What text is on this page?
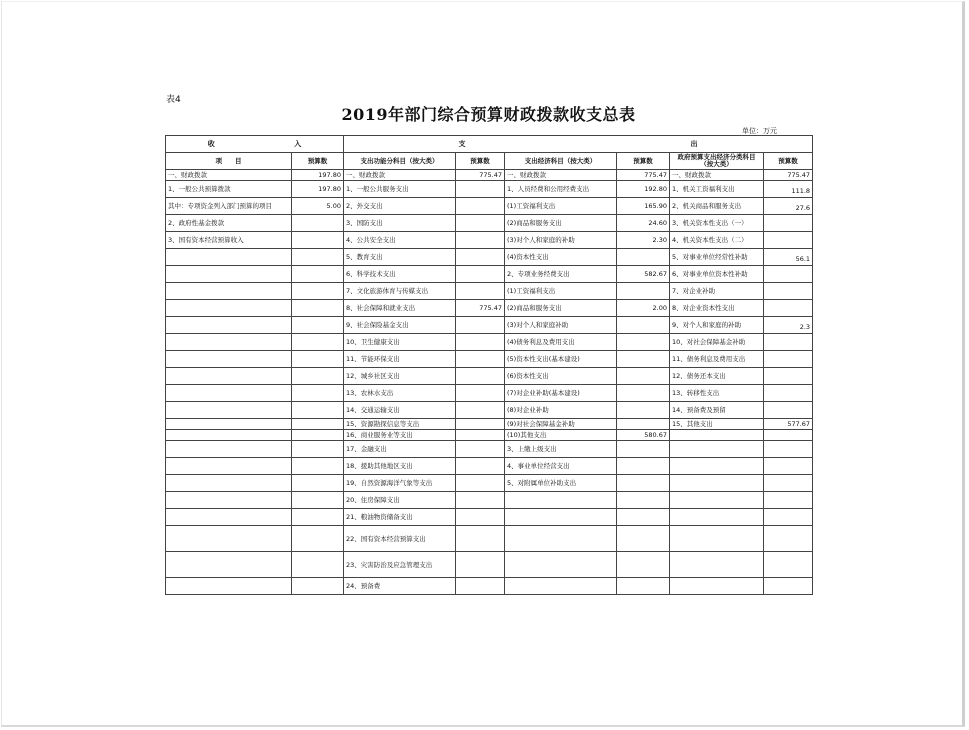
表4
2019年部门综合预算财政拨款收支总表
单位：万元
收 入		支 出					

项　　目	预算数	支出功能分科目（按大类）	预算数	支出经济科目（按大类）	预算数	政府预算支出经济分类科目（按大类）	预算数
一、财政拨款	197.80	一、财政拨款	775.47	一、财政拨款	775.47	一、财政拨款	775.47
1、一般公共预算拨款	197.80	1、一般公共服务支出		1、人员经费和公用经费支出	192.80	1、机关工资福利支出	111.8
其中：专项资金列入部门预算的项目	5.00	2、外交支出		(1)工资福利支出	165.90	2、机关商品和服务支出	27.6
2、政府性基金拨款		3、国防支出		(2)商品和服务支出	24.60	3、机关资本性支出（一）	
3、国有资本经营预算收入		4、公共安全支出		(3)对个人和家庭的补助	2.30	4、机关资本性支出（二）	
		5、教育支出		(4)资本性支出		5、对事业单位经常性补助	56.1
		6、科学技术支出		2、专项业务经费支出	582.67	6、对事业单位资本性补助	
		7、文化旅游体育与传媒支出		(1)工资福利支出		7、对企业补助	
		8、社会保障和就业支出	775.47	(2)商品和服务支出	2.00	8、对企业资本性支出	
		9、社会保险基金支出		(3)对个人和家庭补助		9、对个人和家庭的补助	2.3
		10、卫生健康支出		(4)债务利息及费用支出		10、对社会保障基金补助	
		11、节能环保支出		(5)资本性支出(基本建设)		11、债务利息及费用支出	
		12、城乡社区支出		(6)资本性支出		12、债务还本支出	
		13、农林水支出		(7)对企业补助(基本建设)		13、转移性支出	
		14、交通运输支出		(8)对企业补助		14、预备费及预留	
		15、资源勘探信息等支出		(9)对社会保障基金补助		15、其他支出	577.67
		16、商业服务业等支出		(10)其他支出	580.67		
		17、金融支出		3、上缴上级支出			
		18、援助其他地区支出		4、事业单位经营支出			
		19、自然资源海洋气象等支出		5、对附属单位补助支出			
		20、住房保障支出					
		21、粮油物资储备支出					
		22、国有资本经营预算支出					
		23、灾害防治及应急管理支出					
		24、预备费					
